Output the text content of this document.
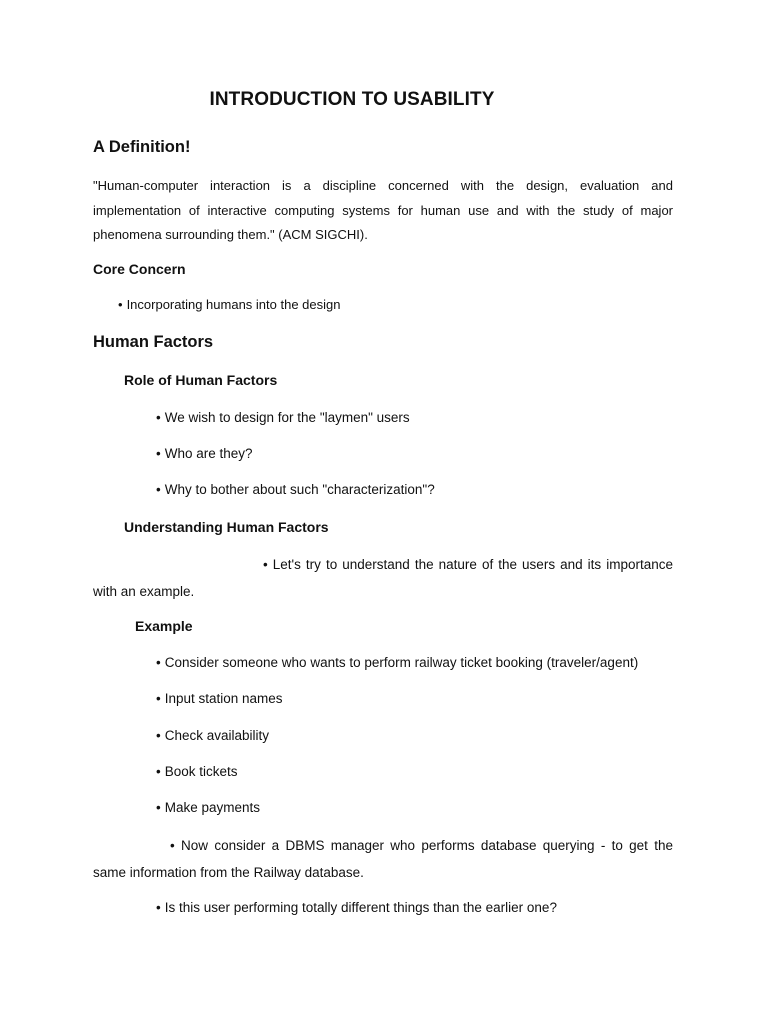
INTRODUCTION TO USABILITY
A Definition!
"Human-computer interaction is a discipline concerned with the design, evaluation and implementation of interactive computing systems for human use and with the study of major phenomena surrounding them." (ACM SIGCHI).
Core Concern
• Incorporating humans into the design
Human Factors
Role of Human Factors
• We wish to design for the "laymen" users
• Who are they?
• Why to bother about such "characterization"?
Understanding Human Factors
• Let's try to understand the nature of the users and its importance with an example.
Example
• Consider someone who wants to perform railway ticket booking (traveler/agent)
• Input station names
• Check availability
• Book tickets
• Make payments
• Now consider a DBMS manager who performs database querying - to get the same information from the Railway database.
• Is this user performing totally different things than the earlier one?
